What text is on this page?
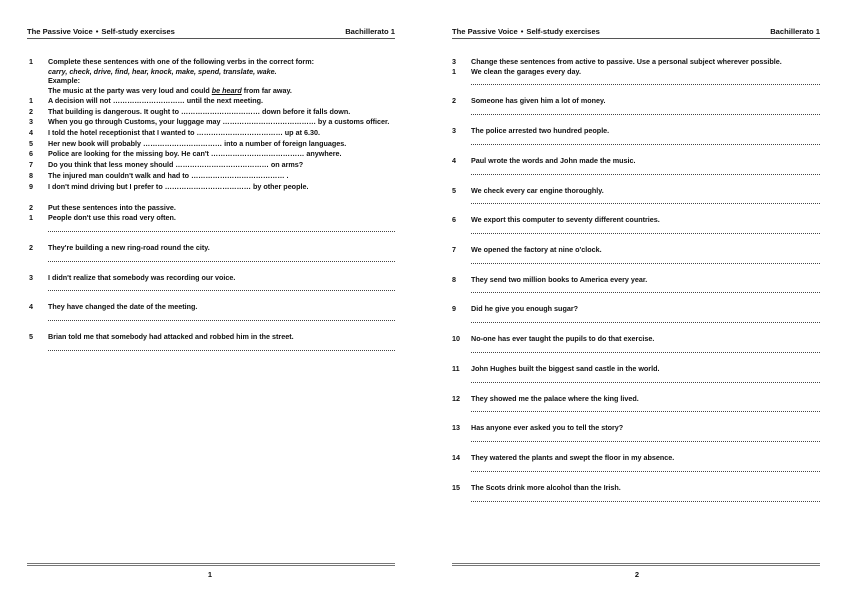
The Passive Voice • Self-study exercises	Bachillerato 1
1	Complete these sentences with one of the following verbs in the correct form:
carry, check, drive, find, hear, knock, make, spend, translate, wake.
Example:
The music at the party was very loud and could be heard from far away.
1	A decision will not ………………………… until the next meeting.
2	That building is dangerous. It ought to …………………………… down before it falls down.
3	When you go through Customs, your luggage may ………………………………… by a customs officer.
4	I told the hotel receptionist that I wanted to ……………………………… up at 6.30.
5	Her new book will probably …………………………… into a number of foreign languages.
6	Police are looking for the missing boy. He can't ………………………………… anywhere.
7	Do you think that less money should ………………………………… on arms?
8	The injured man couldn't walk and had to ………………………………… .
9	I don't mind driving but I prefer to ……………………………… by other people.
2	Put these sentences into the passive.
1	People don't use this road very often.
2	They're building a new ring-road round the city.
3	I didn't realize that somebody was recording our voice.
4	They have changed the date of the meeting.
5	Brian told me that somebody had attacked and robbed him in the street.
1
The Passive Voice • Self-study exercises	Bachillerato 1
3	Change these sentences from active to passive. Use a personal subject wherever possible.
1	We clean the garages every day.
2	Someone has given him a lot of money.
3	The police arrested two hundred people.
4	Paul wrote the words and John made the music.
5	We check every car engine thoroughly.
6	We export this computer to seventy different countries.
7	We opened the factory at nine o'clock.
8	They send two million books to America every year.
9	Did he give you enough sugar?
10	No-one has ever taught the pupils to do that exercise.
11	John Hughes built the biggest sand castle in the world.
12	They showed me the palace where the king lived.
13	Has anyone ever asked you to tell the story?
14	They watered the plants and swept the floor in my absence.
15	The Scots drink more alcohol than the Irish.
2
